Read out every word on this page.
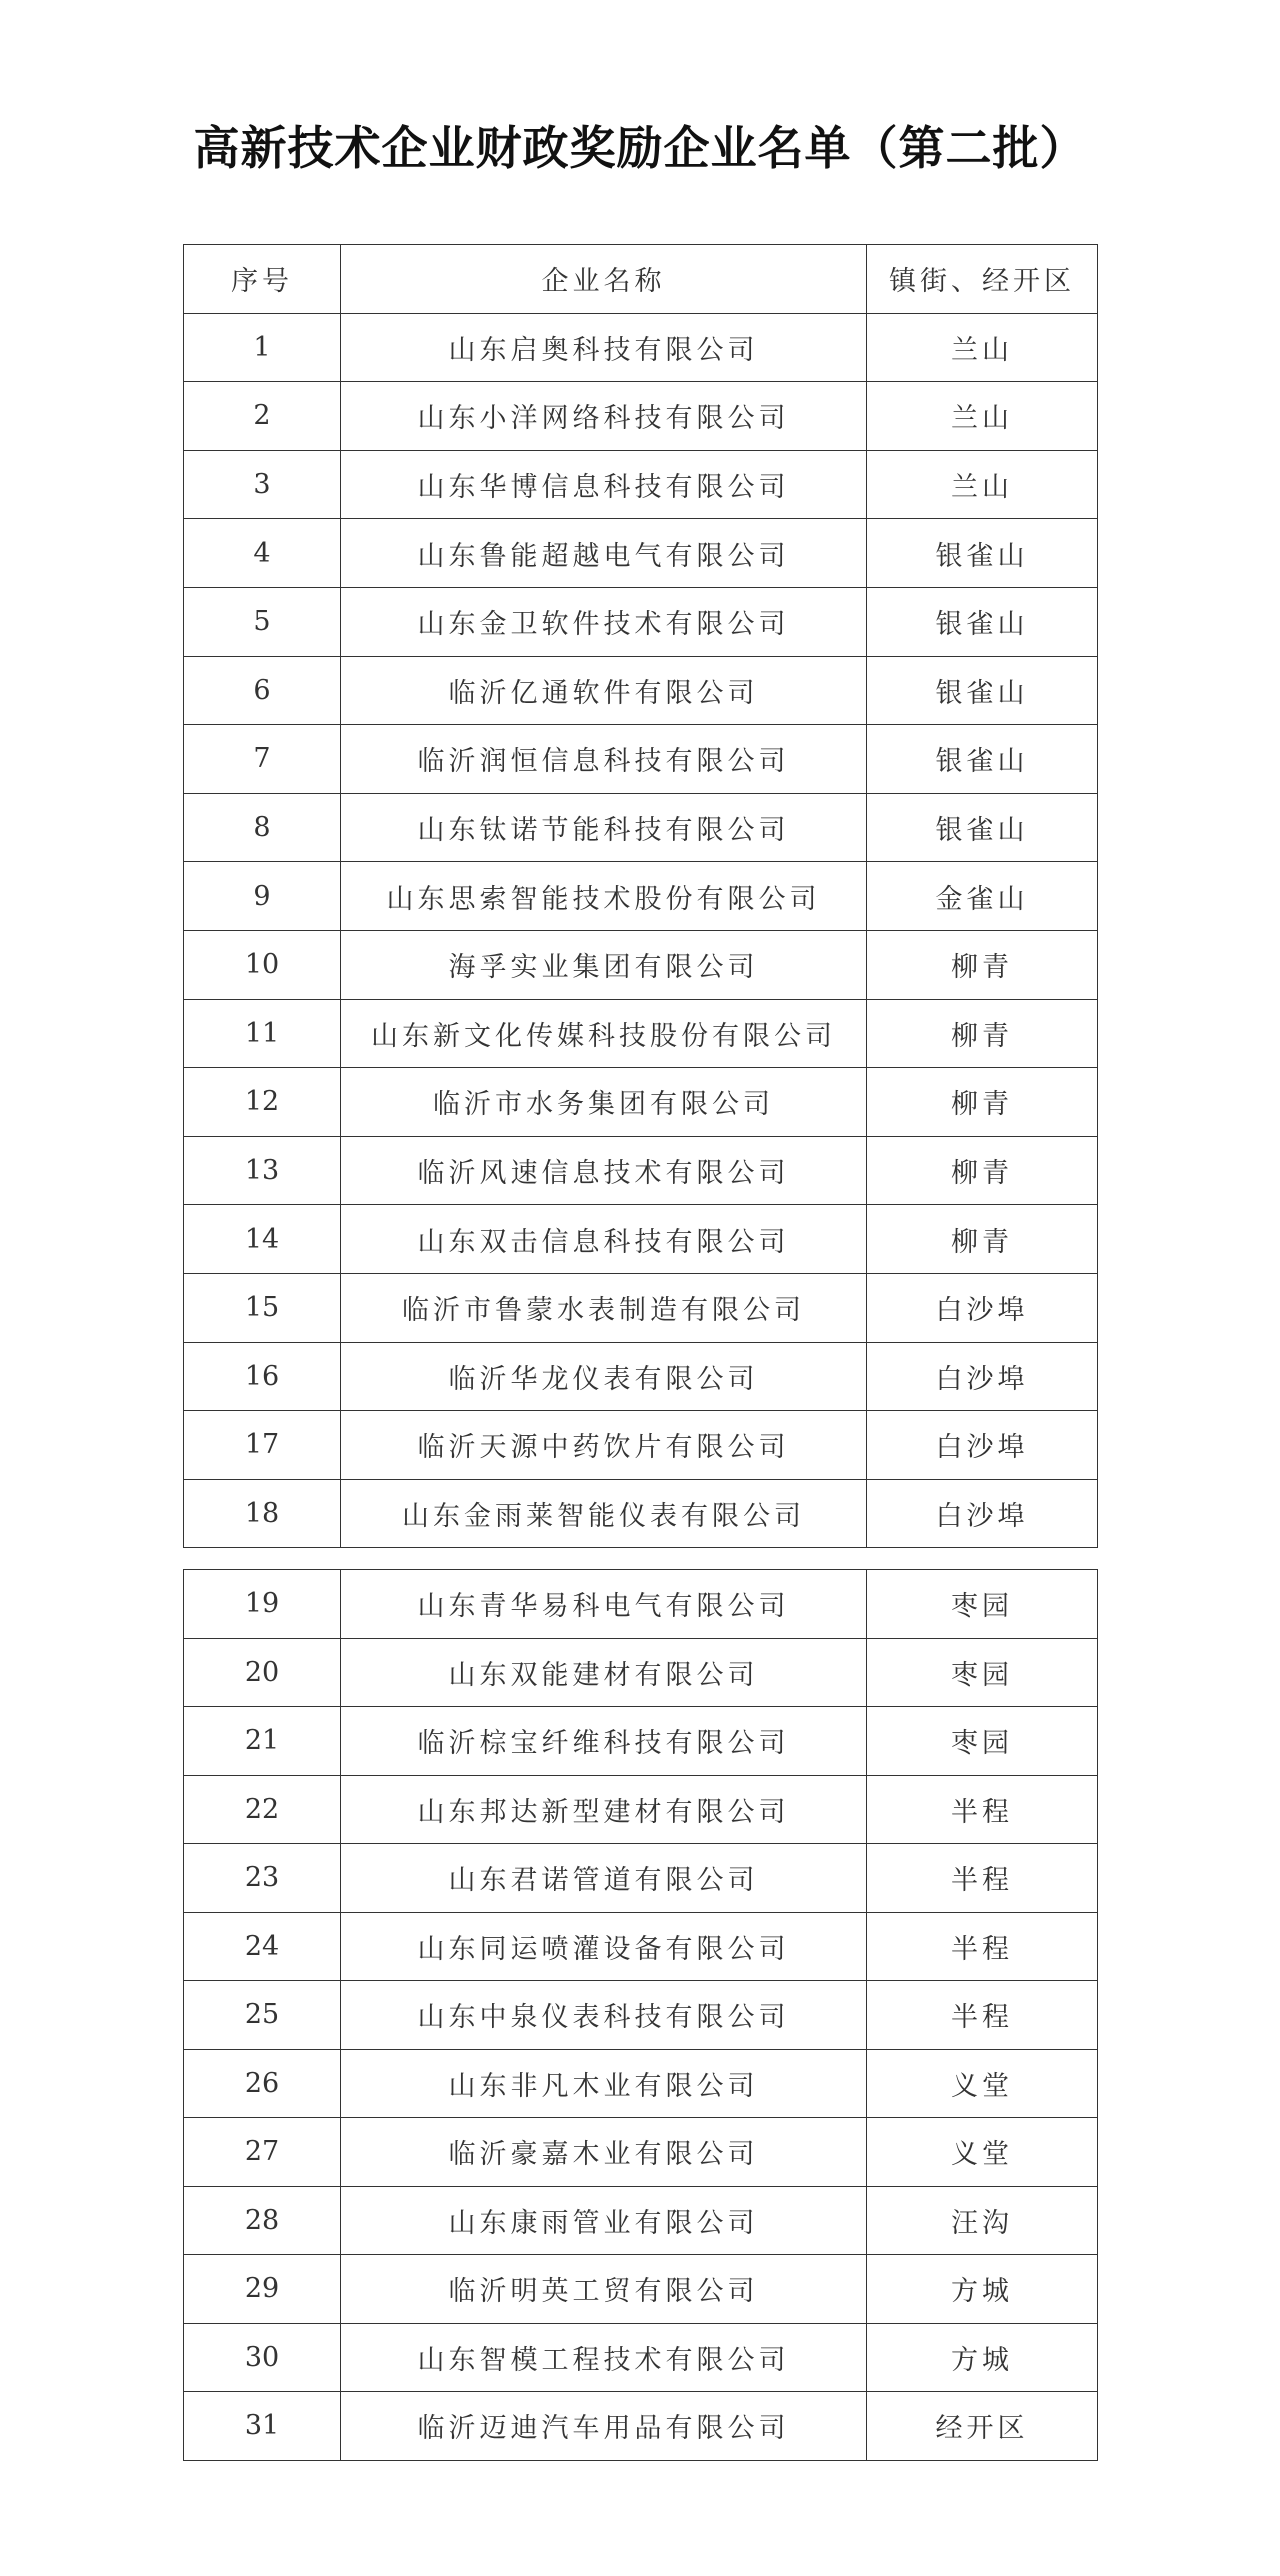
高新技术企业财政奖励企业名单（第二批）
序号	企业名称	镇街、经开区
1	山东启奥科技有限公司	兰山
2	山东小洋网络科技有限公司	兰山
3	山东华博信息科技有限公司	兰山
4	山东鲁能超越电气有限公司	银雀山
5	山东金卫软件技术有限公司	银雀山
6	临沂亿通软件有限公司	银雀山
7	临沂润恒信息科技有限公司	银雀山
8	山东钛诺节能科技有限公司	银雀山
9	山东思索智能技术股份有限公司	金雀山
10	海孚实业集团有限公司	柳青
11	山东新文化传媒科技股份有限公司	柳青
12	临沂市水务集团有限公司	柳青
13	临沂风速信息技术有限公司	柳青
14	山东双击信息科技有限公司	柳青
15	临沂市鲁蒙水表制造有限公司	白沙埠
16	临沂华龙仪表有限公司	白沙埠
17	临沂天源中药饮片有限公司	白沙埠
18	山东金雨莱智能仪表有限公司	白沙埠
19	山东青华易科电气有限公司	枣园
20	山东双能建材有限公司	枣园
21	临沂棕宝纤维科技有限公司	枣园
22	山东邦达新型建材有限公司	半程
23	山东君诺管道有限公司	半程
24	山东同运喷灌设备有限公司	半程
25	山东中泉仪表科技有限公司	半程
26	山东非凡木业有限公司	义堂
27	临沂豪嘉木业有限公司	义堂
28	山东康雨管业有限公司	汪沟
29	临沂明英工贸有限公司	方城
30	山东智模工程技术有限公司	方城
31	临沂迈迪汽车用品有限公司	经开区
